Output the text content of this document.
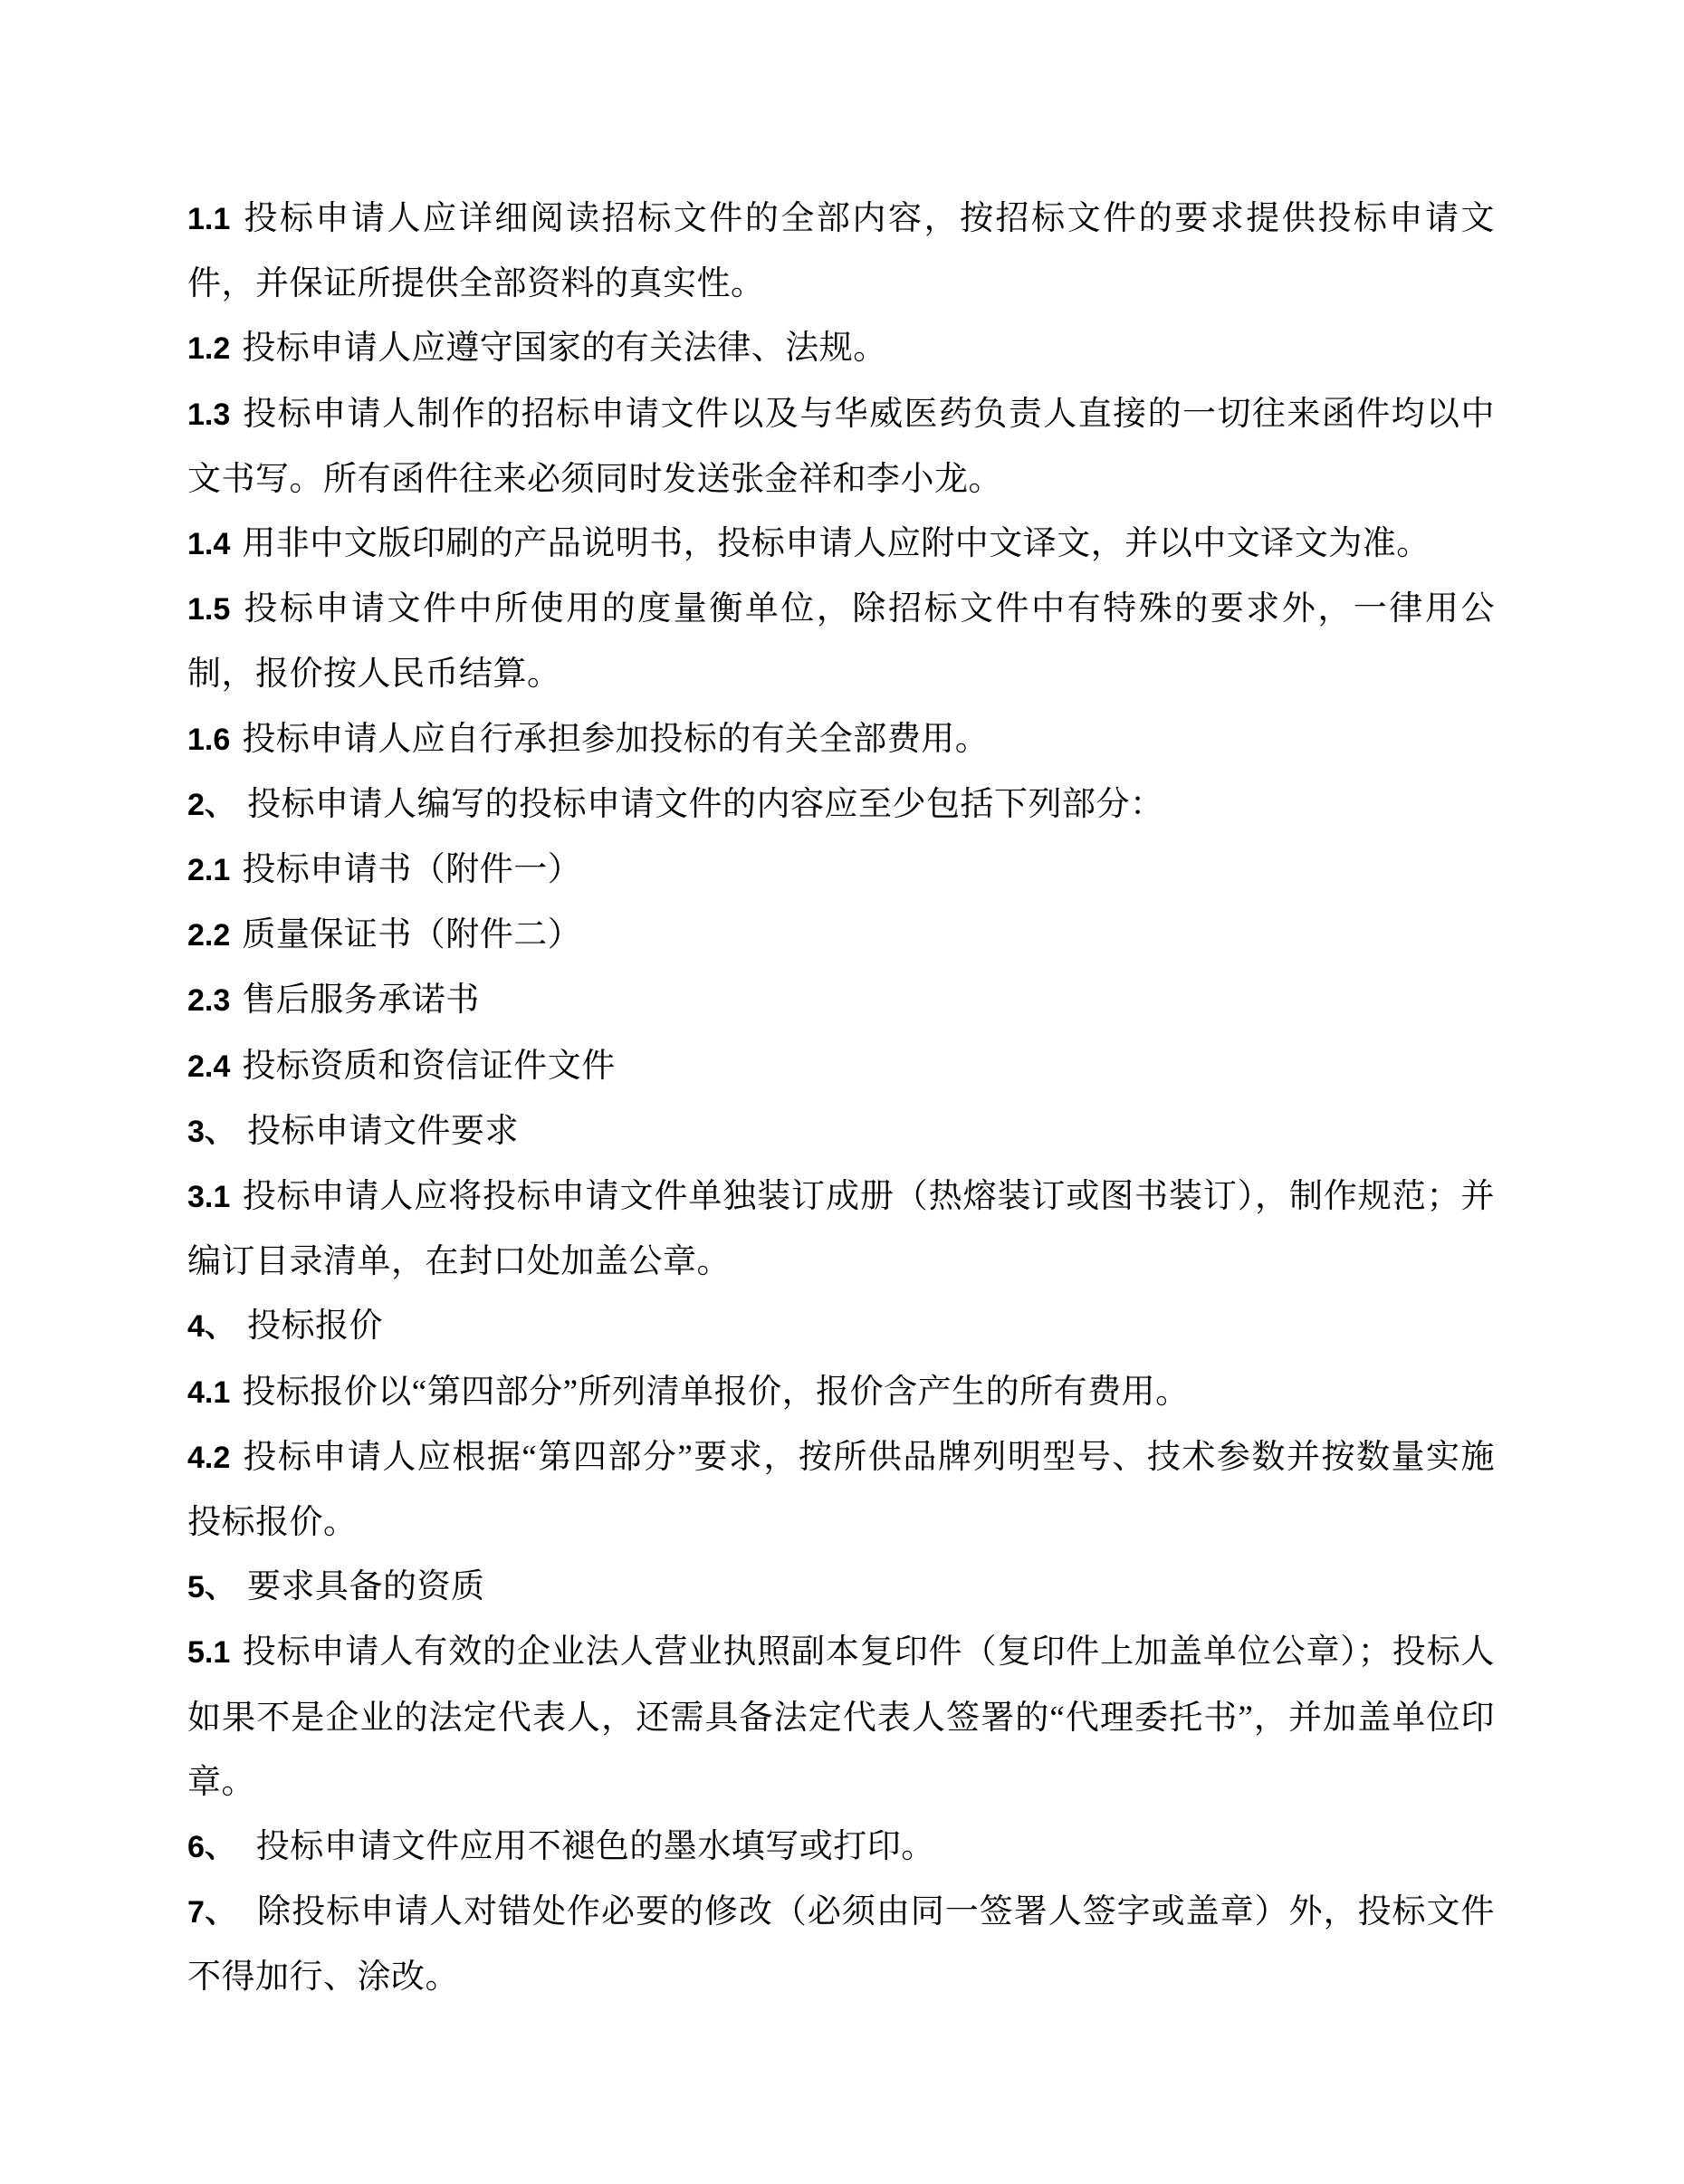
1.1 投标申请人应详细阅读招标文件的全部内容，按招标文件的要求提供投标申请文件，并保证所提供全部资料的真实性。

1.2 投标申请人应遵守国家的有关法律、法规。

1.3 投标申请人制作的招标申请文件以及与华威医药负责人直接的一切往来函件均以中文书写。所有函件往来必须同时发送张金祥和李小龙。

1.4 用非中文版印刷的产品说明书，投标申请人应附中文译文，并以中文译文为准。

1.5 投标申请文件中所使用的度量衡单位，除招标文件中有特殊的要求外，一律用公制，报价按人民币结算。

1.6 投标申请人应自行承担参加投标的有关全部费用。

2、 投标申请人编写的投标申请文件的内容应至少包括下列部分：

2.1 投标申请书（附件一）

2.2 质量保证书（附件二）

2.3 售后服务承诺书

2.4 投标资质和资信证件文件

3、 投标申请文件要求

3.1 投标申请人应将投标申请文件单独装订成册（热熔装订或图书装订），制作规范；并编订目录清单，在封口处加盖公章。

4、 投标报价

4.1 投标报价以“第四部分”所列清单报价，报价含产生的所有费用。

4.2 投标申请人应根据“第四部分”要求，按所供品牌列明型号、技术参数并按数量实施投标报价。

5、 要求具备的资质

5.1 投标申请人有效的企业法人营业执照副本复印件（复印件上加盖单位公章）；投标人如果不是企业的法定代表人，还需具备法定代表人签署的“代理委托书”，并加盖单位印章。

6、 投标申请文件应用不褪色的墨水填写或打印。

7、 除投标申请人对错处作必要的修改（必须由同一签署人签字或盖章）外，投标文件不得加行、涂改。
